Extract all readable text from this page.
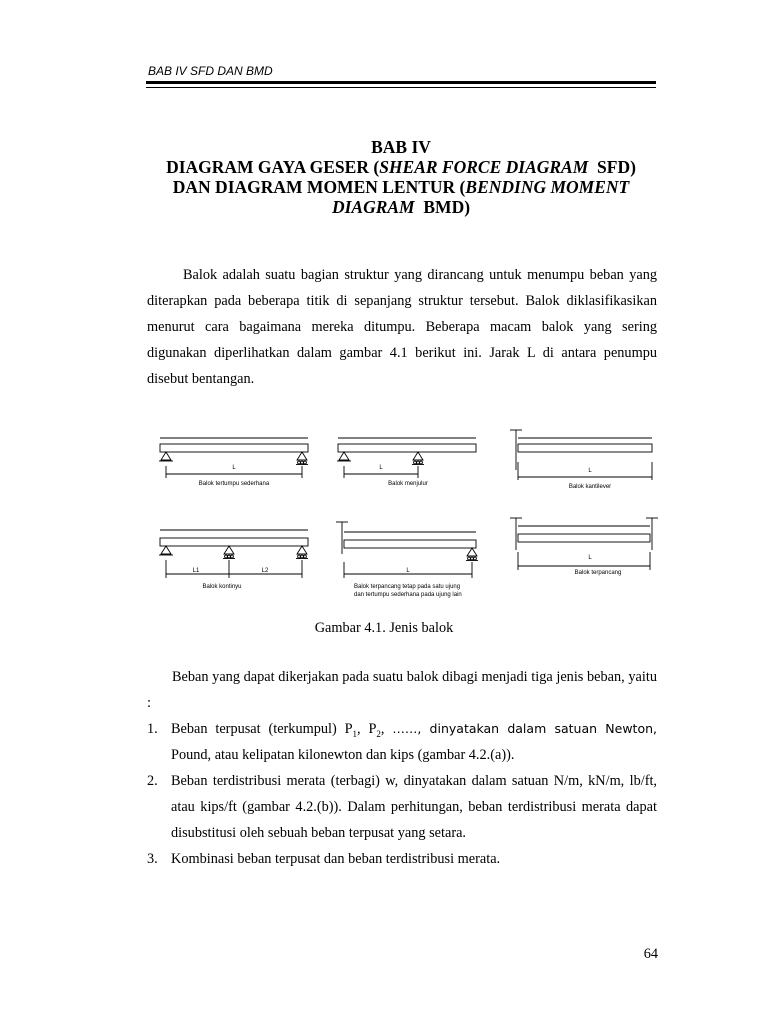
BAB IV SFD DAN BMD
BAB IV
DIAGRAM GAYA GESER (SHEAR FORCE DIAGRAM SFD)
DAN DIAGRAM MOMEN LENTUR (BENDING MOMENT
DIAGRAM BMD)
Balok adalah suatu bagian struktur yang dirancang untuk menumpu beban yang diterapkan pada beberapa titik di sepanjang struktur tersebut. Balok diklasifikasikan menurut cara bagaimana mereka ditumpu. Beberapa macam balok yang sering digunakan diperlihatkan dalam gambar 4.1 berikut ini. Jarak L di antara penumpu disebut bentangan.
L
Balok tertumpu sederhana
L
Balok menjulur
L
Balok kantilever
L1	L2
Balok kontinyu
L
Balok terpancang tetap pada satu ujung
dan tertumpu sederhana pada ujung lain
L
Balok terpancang
Gambar 4.1. Jenis balok
Beban yang dapat dikerjakan pada suatu balok dibagi menjadi tiga jenis beban, yaitu :
1. Beban terpusat (terkumpul) $P_1$, $P_2$, ……, dinyatakan dalam satuan Newton, Pound, atau kelipatan kilonewton dan kips (gambar 4.2.(a)).
2. Beban terdistribusi merata (terbagi) w, dinyatakan dalam satuan N/m, kN/m, lb/ft, atau kips/ft (gambar 4.2.(b)). Dalam perhitungan, beban terdistribusi merata dapat disubstitusi oleh sebuah beban terpusat yang setara.
3. Kombinasi beban terpusat dan beban terdistribusi merata.
64
